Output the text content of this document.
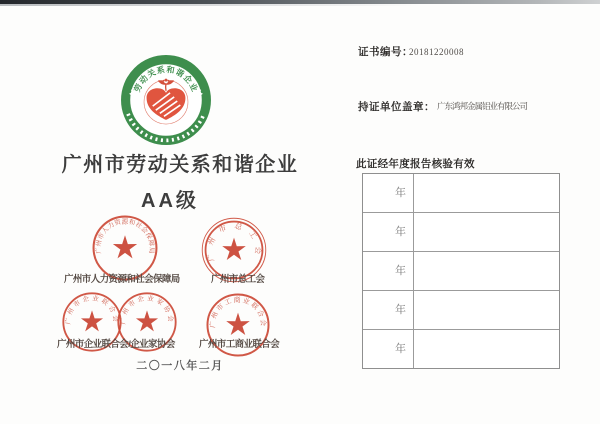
劳动关系和谐企业
广州市劳动关系和谐企业
AA级
广州市人力资源和社会保障局	广州市总工会
广州市企业联合会 广州市企业家协会	广州市工商业联合会
广州市人力资源和社会保障局	广州市总工会
广州市企业联合会/企业家协会	广州市工商业联合会
二〇一八年二月
证书编号：
20181220008
持证单位盖章： 广东鸿邦金属铝业有限公司
此证经年度报告核验有效
年
年
年
年
年
